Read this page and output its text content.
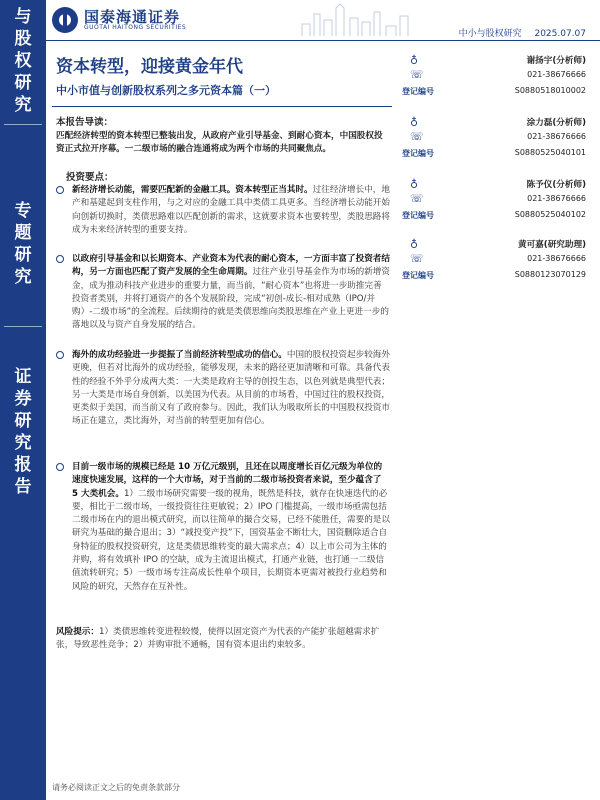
与
股
权
研
究
专
题
研
究
证
券
研
究
报
告
国泰海通证券
GUOTAI HAITONG SECURITIES
中小与股权研究 2025.07.07
资本转型，迎接黄金年代
中小市值与创新股权系列之多元资本篇（一）
本报告导读：
匹配经济转型的资本转型已整装出发，从政府产业引导基金、到耐心资本，中国股权投资正式拉开序幕。一二级市场的融合连通将成为两个市场的共同聚焦点。
投资要点：
新经济增长动能，需要匹配新的金融工具。资本转型正当其时。过往经济增长中，地产和基建起到支柱作用，与之对应的金融工具中类债工具更多。当经济增长动能开始向创新切换时，类债思路难以匹配创新的需求，这就要求资本也要转型，类股思路将成为未来经济转型的重要支持。
以政府引导基金和以长期资本、产业资本为代表的耐心资本，一方面丰富了投资者结构，另一方面也匹配了资产发展的全生命周期。过往产业引导基金作为市场的新增资金，成为推动科技产业进步的重要力量，而当前，“耐心资本”也将进一步助推完善投资者类别，并将打通资产的各个发展阶段，完成“初创-成长-相对成熟（IPO/并购）-二级市场”的全流程。后续期待的就是类债思维向类股思维在产业上更进一步的落地以及与资产自身发展的结合。
海外的成功经验进一步提振了当前经济转型成功的信心。中国的股权投资起步较海外更晚，但若对比海外的成功经验，能够发现，未来的路径更加清晰和可靠。具备代表性的经验不外乎分成两大类：一大类是政府主导的创投生态，以色列就是典型代表；另一大类是市场自身创新，以美国为代表。从目前的市场看，中国过往的股权投资，更类似于美国，而当前又有了政府参与。因此，我们认为吸取所长的中国股权投资市场正在建立，类比海外，对当前的转型更加有信心。
目前一级市场的规模已经是 10 万亿元级别，且还在以周度增长百亿元级为单位的速度快速发展，这样的一个大市场，对于当前的二级市场投资者来说，至少蕴含了 5 大类机会。1）二级市场研究需要一级的视角，既然是科技，就存在快速迭代的必要，相比于二级市场，一级投资往往更敏锐；2）IPO 门槛提高，一级市场亟需包括二级市场在内的退出模式研究，而以往简单的撮合交易，已经不能胜任，需要的是以研究为基础的撮合退出；3）“减投变产投”下，国资基金不断壮大，国资删除适合自身特征的股权投资研究，这是类债思维转变的最大需求点；4）以上市公司为主体的并购，将有效填补 IPO 的空缺，成为主流退出模式，打通产业链，也打通一二级信值流转研究；5）一级市场专注高成长性单个项目，长期资本更需对被投行业趋势和风险的研究，天然存在互补性。
风险提示：1）类债思维转变进程较慢，使得以固定资产为代表的产能扩张超越需求扩张，导致恶性竞争；2）并购审批不通畅，国有资本退出约束较多。
请务必阅读正文之后的免责条款部分
♁
☏
谢扬宇(分析师)
021-38676666
登记编号	S0880518010002
♁
☏
涂力磊(分析师)
021-38676666
登记编号	S0880525040101
♁
☏
陈予仪(分析师)
021-38676666
登记编号	S0880525040102
♁
☏
黄可嘉(研究助理)
021-38676666
登记编号	S0880123070129
